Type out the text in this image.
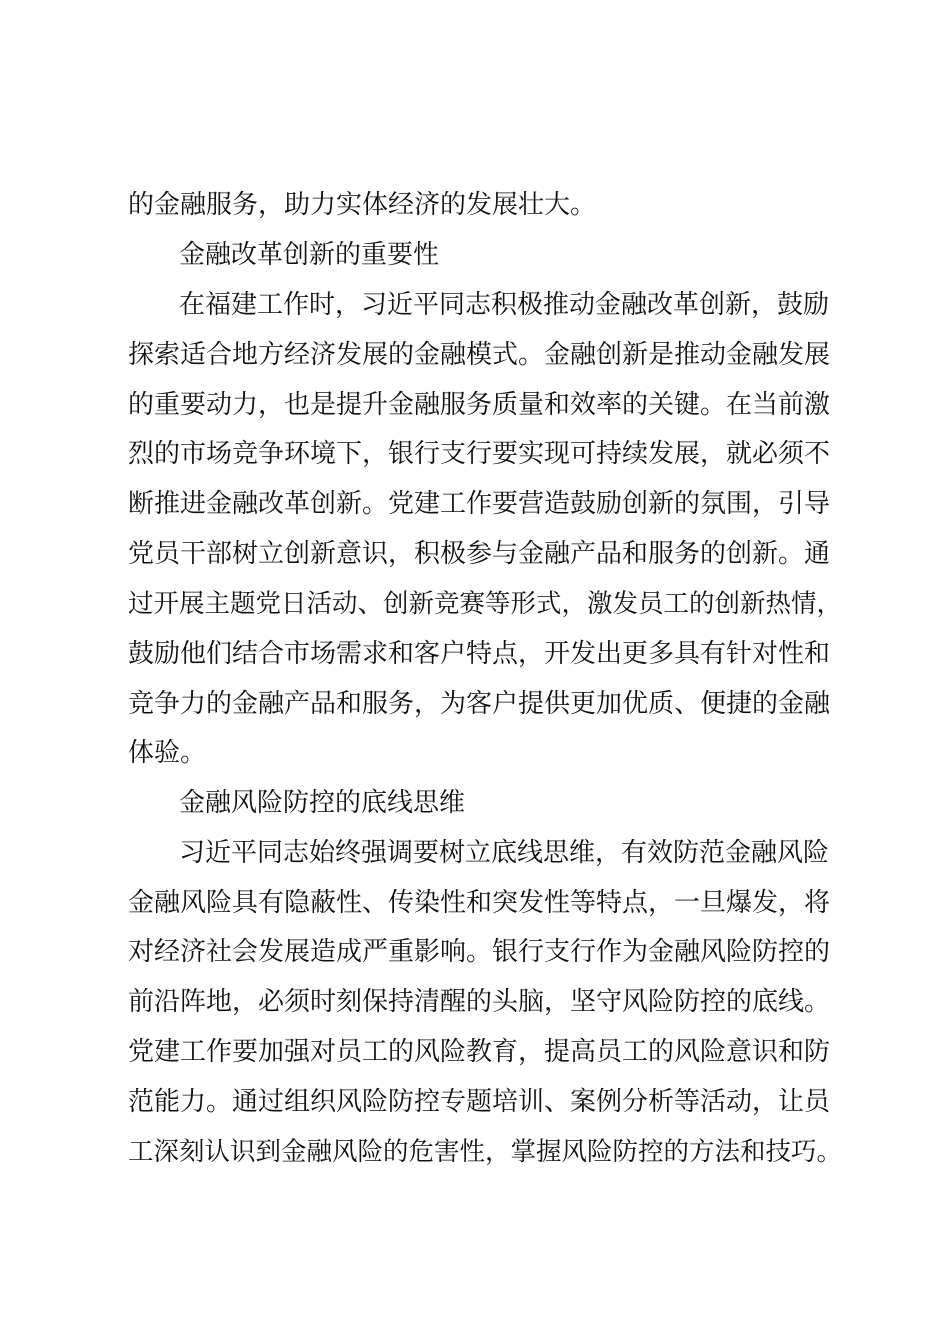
的金融服务，助力实体经济的发展壮大。
金融改革创新的重要性
在福建工作时，习近平同志积极推动金融改革创新，鼓励
探索适合地方经济发展的金融模式。金融创新是推动金融发展
的重要动力，也是提升金融服务质量和效率的关键。在当前激
烈的市场竞争环境下，银行支行要实现可持续发展，就必须不
断推进金融改革创新。党建工作要营造鼓励创新的氛围，引导
党员干部树立创新意识，积极参与金融产品和服务的创新。通
过开展主题党日活动、创新竞赛等形式，激发员工的创新热情，
鼓励他们结合市场需求和客户特点，开发出更多具有针对性和
竞争力的金融产品和服务，为客户提供更加优质、便捷的金融
体验。
金融风险防控的底线思维
习近平同志始终强调要树立底线思维，有效防范金融风险
金融风险具有隐蔽性、传染性和突发性等特点，一旦爆发，将
对经济社会发展造成严重影响。银行支行作为金融风险防控的
前沿阵地，必须时刻保持清醒的头脑，坚守风险防控的底线。
党建工作要加强对员工的风险教育，提高员工的风险意识和防
范能力。通过组织风险防控专题培训、案例分析等活动，让员
工深刻认识到金融风险的危害性，掌握风险防控的方法和技巧。
